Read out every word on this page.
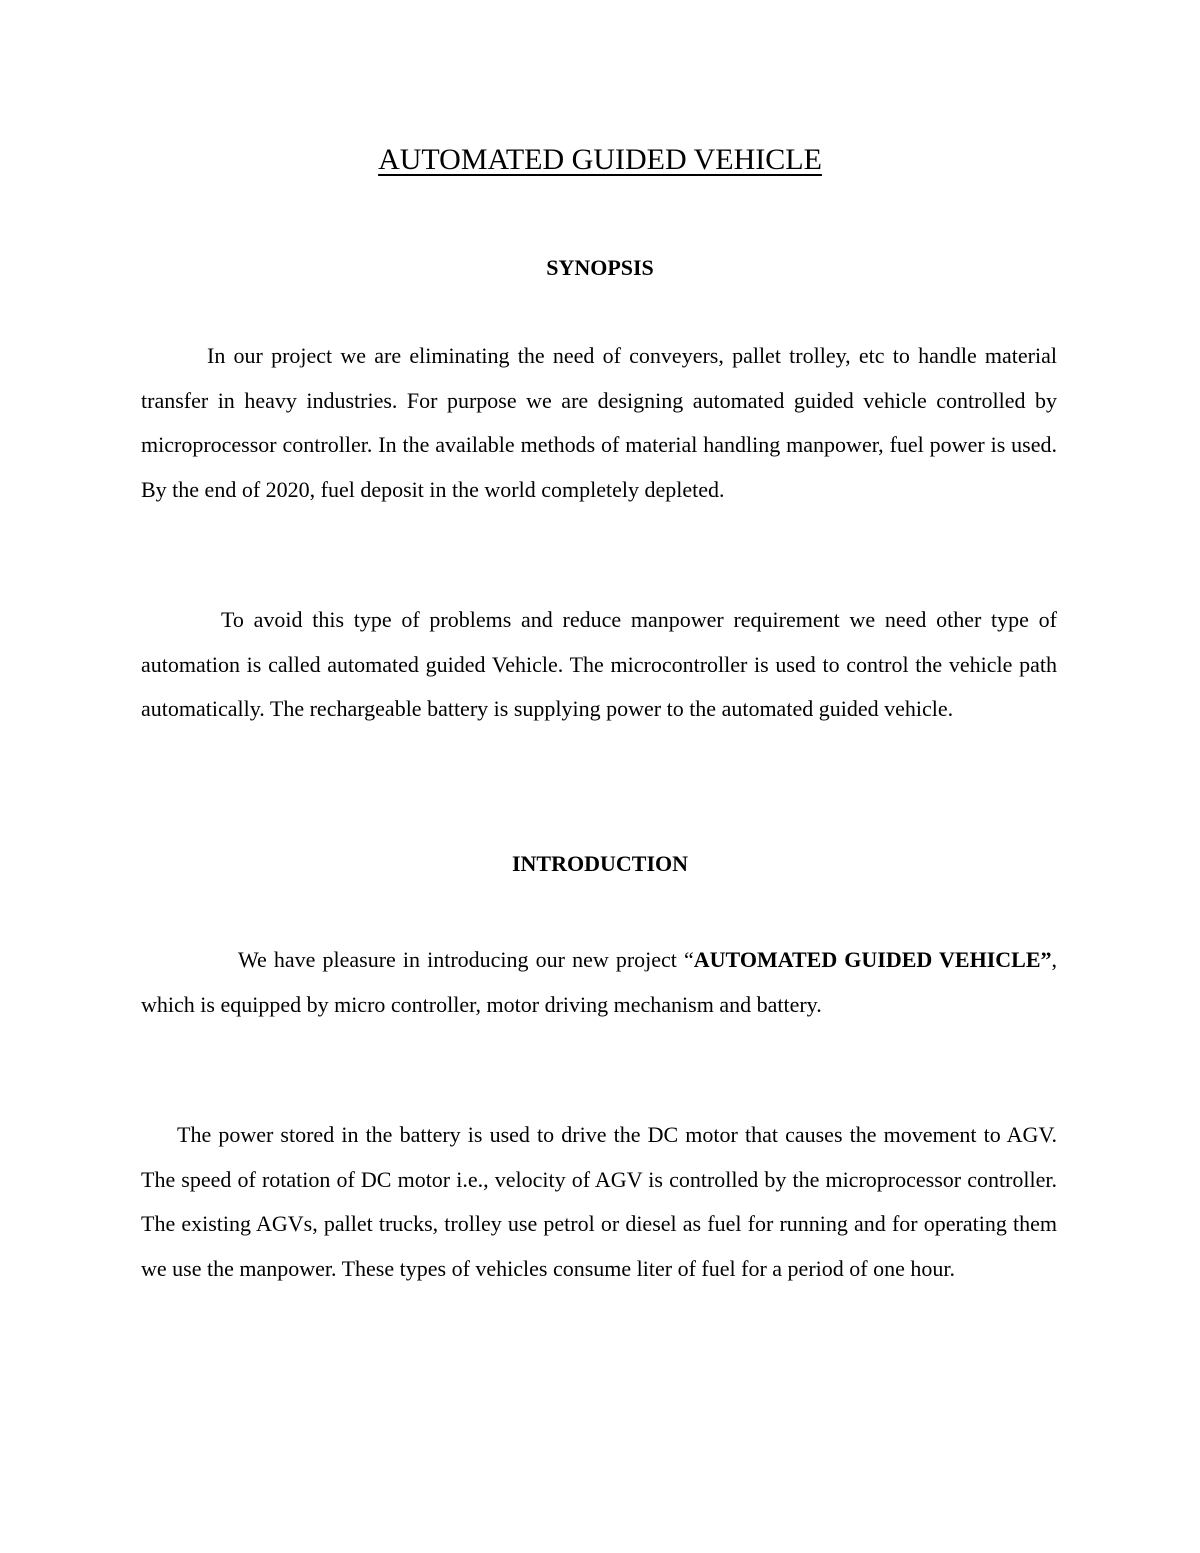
AUTOMATED GUIDED VEHICLE
SYNOPSIS

In our project we are eliminating the need of conveyers, pallet trolley, etc to handle material transfer in heavy industries. For purpose we are designing automated guided vehicle controlled by microprocessor controller. In the available methods of material handling manpower, fuel power is used. By the end of 2020, fuel deposit in the world completely depleted.

To avoid this type of problems and reduce manpower requirement we need other type of automation is called automated guided Vehicle. The microcontroller is used to control the vehicle path automatically. The rechargeable battery is supplying power to the automated guided vehicle.

INTRODUCTION

We have pleasure in introducing our new project “AUTOMATED GUIDED VEHICLE”, which is equipped by micro controller, motor driving mechanism and battery.

The power stored in the battery is used to drive the DC motor that causes the movement to AGV. The speed of rotation of DC motor i.e., velocity of AGV is controlled by the microprocessor controller. The existing AGVs, pallet trucks, trolley use petrol or diesel as fuel for running and for operating them we use the manpower. These types of vehicles consume liter of fuel for a period of one hour.
